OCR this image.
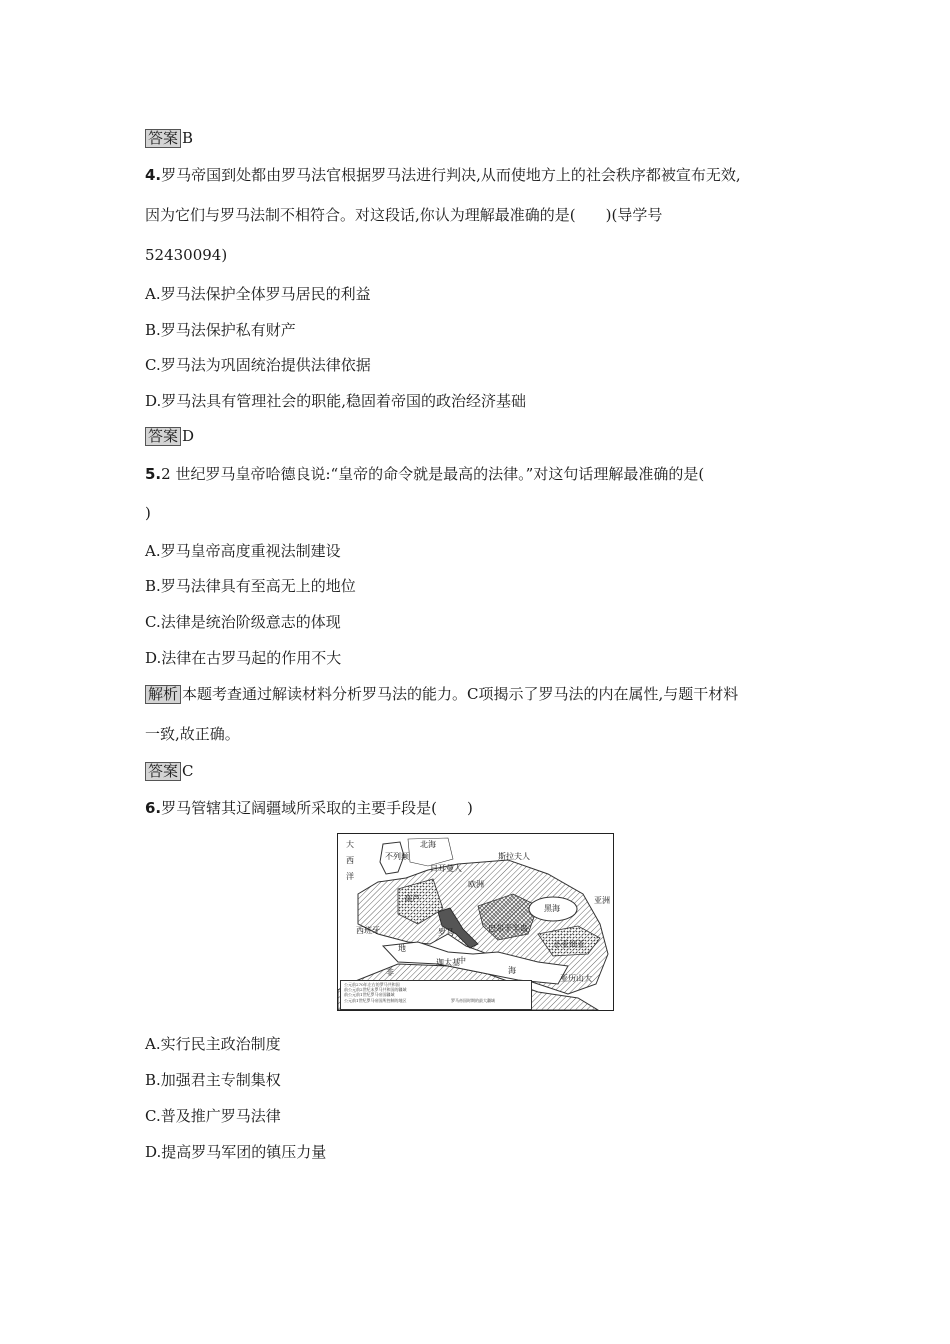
答案 B
4.罗马帝国到处都由罗马法官根据罗马法进行判决,从而使地方上的社会秩序都被宣布无效,
因为它们与罗马法制不相符合。对这段话,你认为理解最准确的是(　　)(导学号
52430094)
A.罗马法保护全体罗马居民的利益
B.罗马法保护私有财产
C.罗马法为巩固统治提供法律依据
D.罗马法具有管理社会的职能,稳固着帝国的政治经济基础
答案 D
5.2 世纪罗马皇帝哈德良说:“皇帝的命令就是最高的法律。”对这句话理解最准确的是(
)
A.罗马皇帝高度重视法制建设
B.罗马法律具有至高无上的地位
C.法律是统治阶级意志的体现
D.法律在古罗马起的作用不大
解析 本题考查通过解读材料分析罗马法的能力。C项揭示了罗马法的内在属性,与题干材料
一致,故正确。
答案 C
6.罗马管辖其辽阔疆域所采取的主要手段是(　　)
大
西
洋
不列颠
北海
日耳曼人
斯拉夫人
欧洲
高卢
西班牙	罗马
地
中
海
黑海
巴尔干半岛
小亚细亚
迦太基
非
亚历山大
亚洲
公元前270年左右的罗马共和国
前公元前2世纪末罗马共和国的疆域
前公元前1世纪罗马帝国疆域
公元前1世纪罗马帝国所控制的地区	罗马帝国时期的最大疆域
A.实行民主政治制度
B.加强君主专制集权
C.普及推广罗马法律
D.提高罗马军团的镇压力量
